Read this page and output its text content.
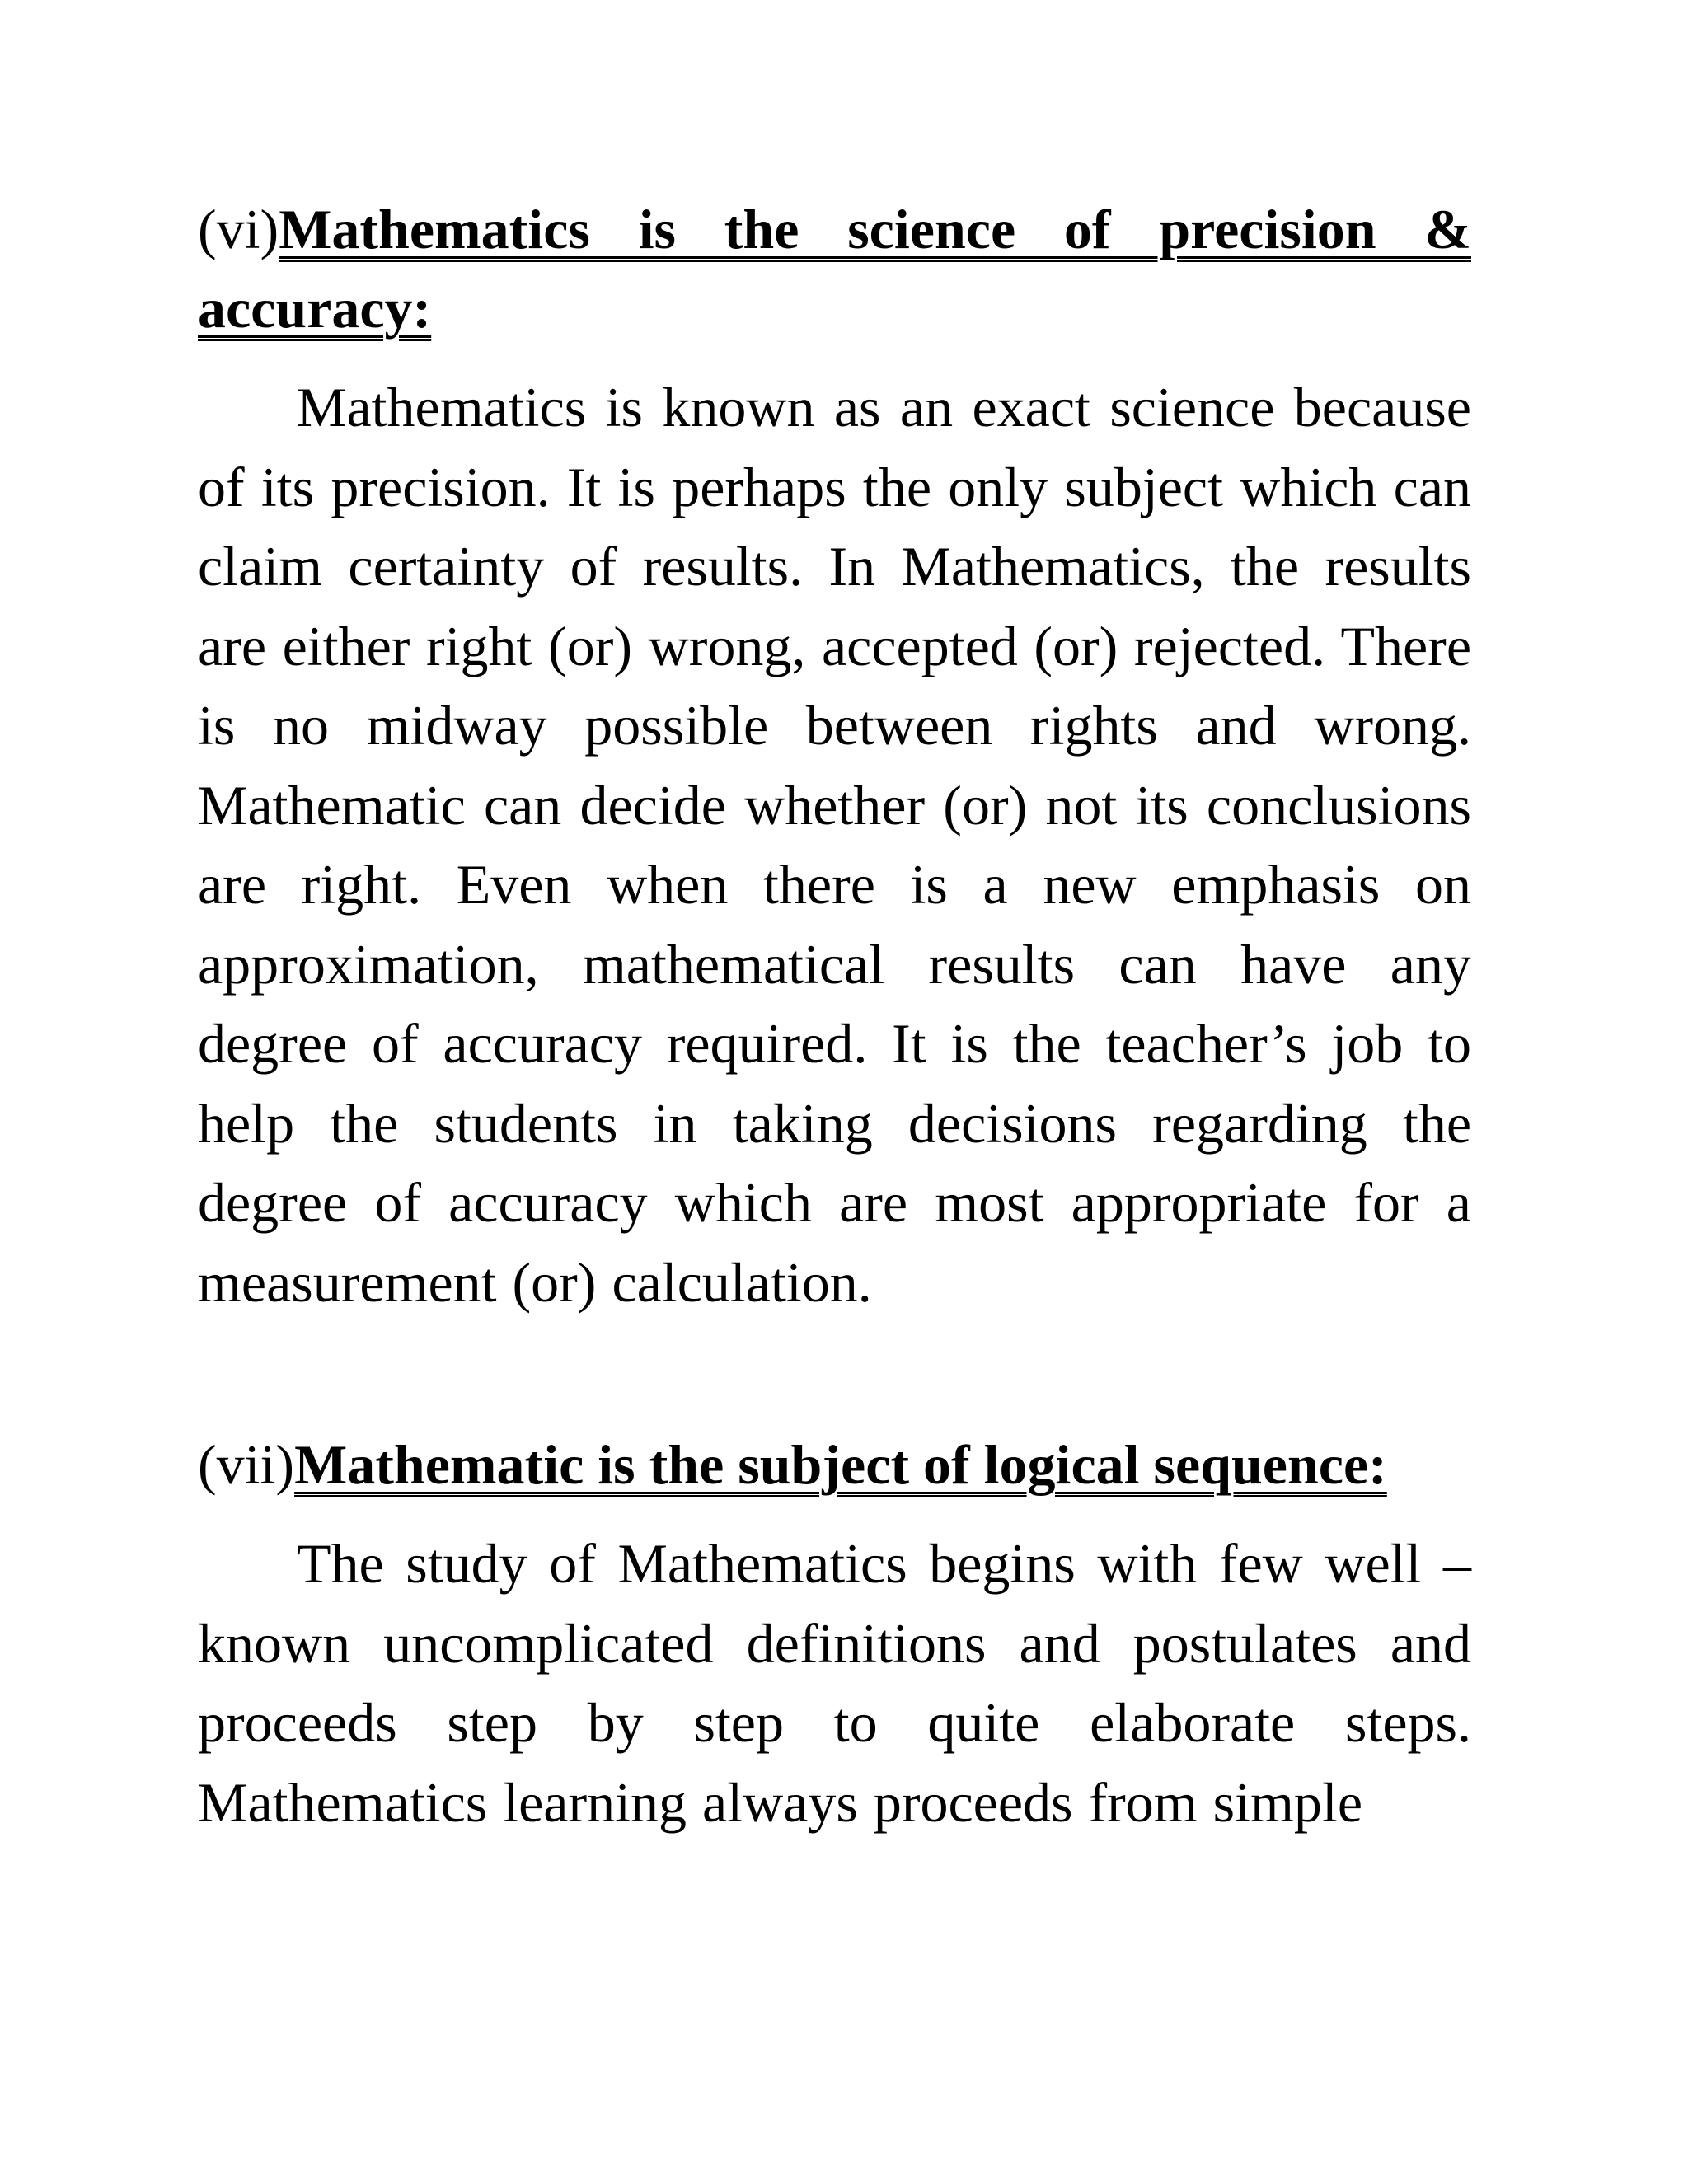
(vi)Mathematics is the science of precision & accuracy:

Mathematics is known as an exact science because of its precision. It is perhaps the only subject which can claim certainty of results. In Mathematics, the results are either right (or) wrong, accepted (or) rejected. There is no midway possible between rights and wrong. Mathematic can decide whether (or) not its conclusions are right. Even when there is a new emphasis on approximation, mathematical results can have any degree of accuracy required. It is the teacher’s job to help the students in taking decisions regarding the degree of accuracy which are most appropriate for a measurement (or) calculation.

(vii)Mathematic is the subject of logical sequence:

The study of Mathematics begins with few well – known uncomplicated definitions and postulates and proceeds step by step to quite elaborate steps. Mathematics learning always proceeds from simple
